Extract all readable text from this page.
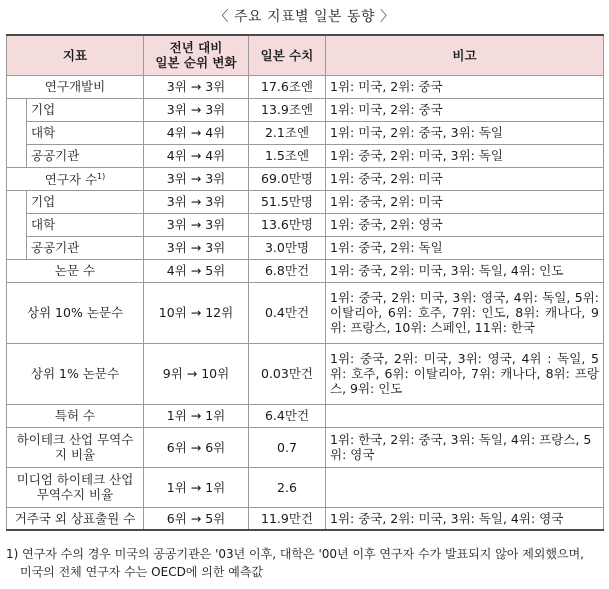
〈 주요 지표별 일본 동향 〉
지표		전년 대비
일본 순위 변화	일본 수치	비고
연구개발비		3위 → 3위	17.6조엔	1위: 미국, 2위: 중국
	기업	3위 → 3위	13.9조엔	1위: 미국, 2위: 중국
	대학	4위 → 4위	2.1조엔	1위: 미국, 2위: 중국, 3위: 독일
	공공기관	4위 → 4위	1.5조엔	1위: 중국, 2위: 미국, 3위: 독일
연구자 수$^{1)}$		3위 → 3위	69.0만명	1위: 중국, 2위: 미국
	기업	3위 → 3위	51.5만명	1위: 중국, 2위: 미국
	대학	3위 → 3위	13.6만명	1위: 중국, 2위: 영국
	공공기관	3위 → 3위	3.0만명	1위: 중국, 2위: 독일
논문 수		4위 → 5위	6.8만건	1위: 중국, 2위: 미국, 3위: 독일, 4위: 인도
상위 10% 논문수		10위 → 12위	0.4만건	1위: 중국, 2위: 미국, 3위: 영국, 4위: 독일, 5위: 이탈리아, 6위: 호주, 7위: 인도, 8위: 캐나다, 9위: 프랑스, 10위: 스페인, 11위: 한국
상위 1% 논문수		9위 → 10위	0.03만건	1위: 중국, 2위: 미국, 3위: 영국, 4위 : 독일, 5위: 호주, 6위: 이탈리아, 7위: 캐나다, 8위: 프랑스, 9위: 인도
특허 수		1위 → 1위	6.4만건	
하이테크 산업 무역수지 비율		6위 → 6위	0.7	1위: 한국, 2위: 중국, 3위: 독일, 4위: 프랑스, 5위: 영국
미디엄 하이테크 산업 무역수지 비율		1위 → 1위	2.6	
거주국 외 상표출원 수		6위 → 5위	11.9만건	1위: 중국, 2위: 미국, 3위: 독일, 4위: 영국
1) 연구자 수의 경우 미국의 공공기관은 '03년 이후, 대학은 '00년 이후 연구자 수가 발표되지 않아 제외했으며,
미국의 전체 연구자 수는 OECD에 의한 예측값
